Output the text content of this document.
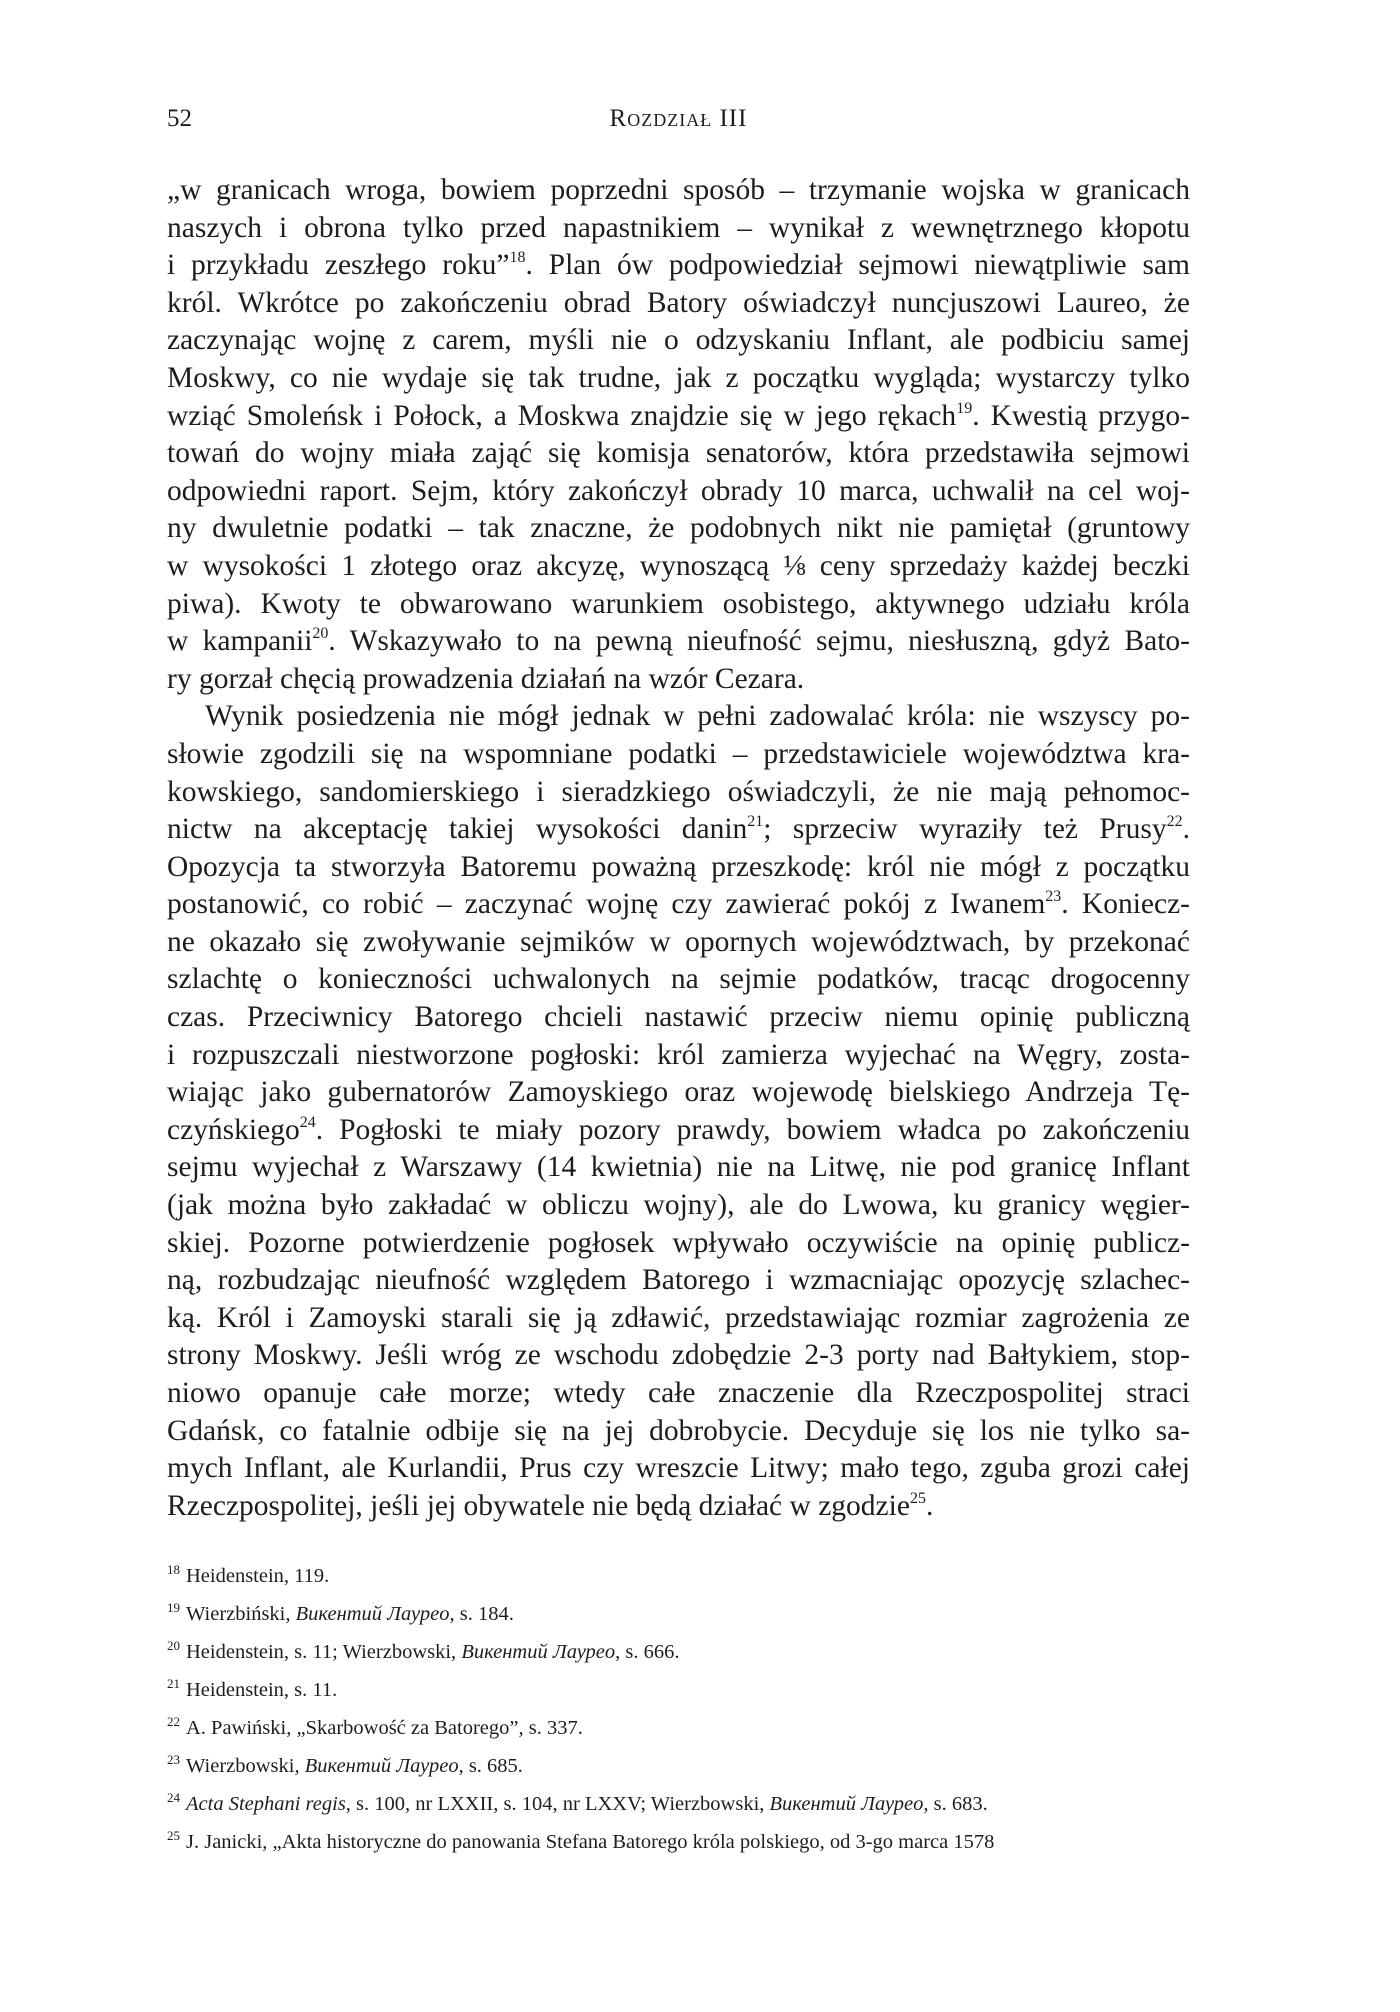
52	Rozdział III

„w granicach wroga, bowiem poprzedni sposób – trzymanie wojska w granicach
naszych i obrona tylko przed napastnikiem – wynikał z wewnętrznego kłopotu
i przykładu zeszłego roku”$^{18}$. Plan ów podpowiedział sejmowi niewątpliwie sam
król. Wkrótce po zakończeniu obrad Batory oświadczył nuncjuszowi Laureo, że
zaczynając wojnę z carem, myśli nie o odzyskaniu Inflant, ale podbiciu samej
Moskwy, co nie wydaje się tak trudne, jak z początku wygląda; wystarczy tylko
wziąć Smoleńsk i Połock, a Moskwa znajdzie się w jego rękach$^{19}$. Kwestią przygo-
towań do wojny miała zająć się komisja senatorów, która przedstawiła sejmowi
odpowiedni raport. Sejm, który zakończył obrady 10 marca, uchwalił na cel woj-
ny dwuletnie podatki – tak znaczne, że podobnych nikt nie pamiętał (gruntowy
w wysokości 1 złotego oraz akcyzę, wynoszącą ⅛ ceny sprzedaży każdej beczki
piwa). Kwoty te obwarowano warunkiem osobistego, aktywnego udziału króla
w kampanii$^{20}$. Wskazywało to na pewną nieufność sejmu, niesłuszną, gdyż Bato-
ry gorzał chęcią prowadzenia działań na wzór Cezara.

Wynik posiedzenia nie mógł jednak w pełni zadowalać króla: nie wszyscy po-
słowie zgodzili się na wspomniane podatki – przedstawiciele województwa kra-
kowskiego, sandomierskiego i sieradzkiego oświadczyli, że nie mają pełnomoc-
nictw na akceptację takiej wysokości danin$^{21}$; sprzeciw wyraziły też Prusy$^{22}$.
Opozycja ta stworzyła Batoremu poważną przeszkodę: król nie mógł z początku
postanowić, co robić – zaczynać wojnę czy zawierać pokój z Iwanem$^{23}$. Koniecz-
ne okazało się zwoływanie sejmików w opornych województwach, by przekonać
szlachtę o konieczności uchwalonych na sejmie podatków, tracąc drogocenny
czas. Przeciwnicy Batorego chcieli nastawić przeciw niemu opinię publiczną
i rozpuszczali niestworzone pogłoski: król zamierza wyjechać na Węgry, zosta-
wiając jako gubernatorów Zamoyskiego oraz wojewodę bielskiego Andrzeja Tę-
czyńskiego$^{24}$. Pogłoski te miały pozory prawdy, bowiem władca po zakończeniu
sejmu wyjechał z Warszawy (14 kwietnia) nie na Litwę, nie pod granicę Inflant
(jak można było zakładać w obliczu wojny), ale do Lwowa, ku granicy węgier-
skiej. Pozorne potwierdzenie pogłosek wpływało oczywiście na opinię publicz-
ną, rozbudzając nieufność względem Batorego i wzmacniając opozycję szlachec-
ką. Król i Zamoyski starali się ją zdławić, przedstawiając rozmiar zagrożenia ze
strony Moskwy. Jeśli wróg ze wschodu zdobędzie 2-3 porty nad Bałtykiem, stop-
niowo opanuje całe morze; wtedy całe znaczenie dla Rzeczpospolitej straci
Gdańsk, co fatalnie odbije się na jej dobrobycie. Decyduje się los nie tylko sa-
mych Inflant, ale Kurlandii, Prus czy wreszcie Litwy; mało tego, zguba grozi całej
Rzeczpospolitej, jeśli jej obywatele nie będą działać w zgodzie$^{25}$.

$^{18}$ Heidenstein, 119.
$^{19}$ Wierzbiński, Викентий Лауреo, s. 184.
$^{20}$ Heidenstein, s. 11; Wierzbowski, Викентий Лауреo, s. 666.
$^{21}$ Heidenstein, s. 11.
$^{22}$ A. Pawiński, „Skarbowość za Batorego”, s. 337.
$^{23}$ Wierzbowski, Викентий Лауреo, s. 685.
$^{24}$ Acta Stephani regis, s. 100, nr LXXII, s. 104, nr LXXV; Wierzbowski, Викентий Лауреo, s. 683.
$^{25}$ J. Janicki, „Akta historyczne do panowania Stefana Batorego króla polskiego, od 3-go marca 1578
